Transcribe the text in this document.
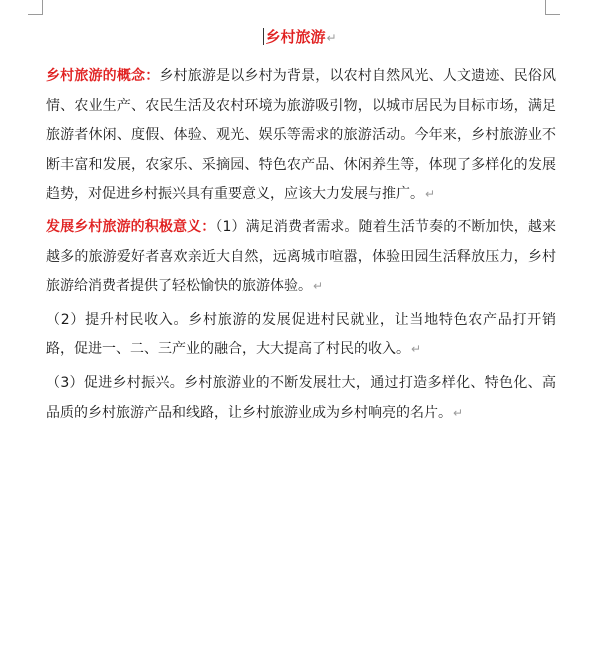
乡村旅游↵

乡村旅游的概念：乡村旅游是以乡村为背景，以农村自然风光、人文遗迹、民俗风情、农业生产、农民生活及农村环境为旅游吸引物，以城市居民为目标市场，满足旅游者休闲、度假、体验、观光、娱乐等需求的旅游活动。今年来，乡村旅游业不断丰富和发展，农家乐、采摘园、特色农产品、休闲养生等，体现了多样化的发展趋势，对促进乡村振兴具有重要意义，应该大力发展与推广。↵

发展乡村旅游的积极意义：（1）满足消费者需求。随着生活节奏的不断加快，越来越多的旅游爱好者喜欢亲近大自然，远离城市喧嚣，体验田园生活释放压力，乡村旅游给消费者提供了轻松愉快的旅游体验。↵

（2）提升村民收入。乡村旅游的发展促进村民就业，让当地特色农产品打开销路，促进一、二、三产业的融合，大大提高了村民的收入。↵

（3）促进乡村振兴。乡村旅游业的不断发展壮大，通过打造多样化、特色化、高品质的乡村旅游产品和线路，让乡村旅游业成为乡村响亮的名片。↵
